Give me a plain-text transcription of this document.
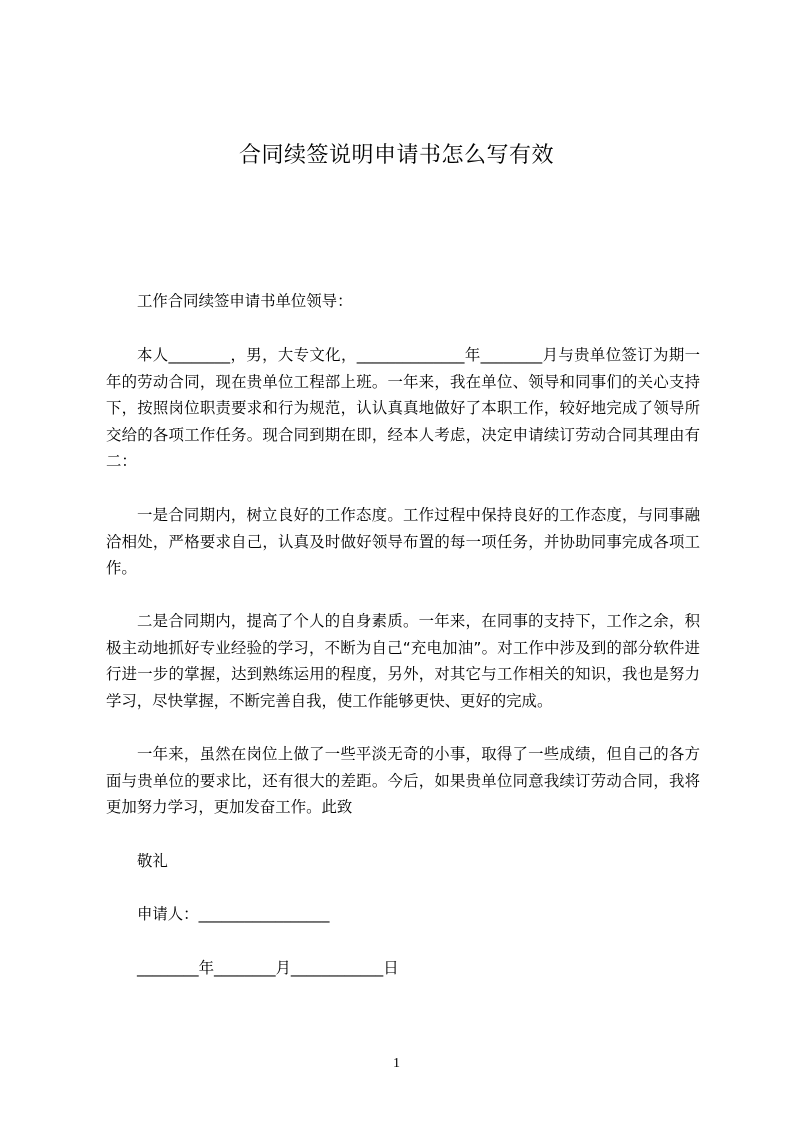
合同续签说明申请书怎么写有效
工作合同续签申请书单位领导：

本人________，男，大专文化，______________年________月与贵单位签订为期一年的劳动合同，现在贵单位工程部上班。一年来，我在单位、领导和同事们的关心支持下，按照岗位职责要求和行为规范，认认真真地做好了本职工作，较好地完成了领导所交给的各项工作任务。现合同到期在即，经本人考虑，决定申请续订劳动合同其理由有二：

一是合同期内，树立良好的工作态度。工作过程中保持良好的工作态度，与同事融洽相处，严格要求自己，认真及时做好领导布置的每一项任务，并协助同事完成各项工作。

二是合同期内，提高了个人的自身素质。一年来，在同事的支持下，工作之余，积极主动地抓好专业经验的学习，不断为自己“充电加油”。对工作中涉及到的部分软件进行进一步的掌握，达到熟练运用的程度，另外，对其它与工作相关的知识，我也是努力学习，尽快掌握，不断完善自我，使工作能够更快、更好的完成。

一年来，虽然在岗位上做了一些平淡无奇的小事，取得了一些成绩，但自己的各方面与贵单位的要求比，还有很大的差距。今后，如果贵单位同意我续订劳动合同，我将更加努力学习，更加发奋工作。此致

敬礼
申请人：_________________
________年________月____________日
1
